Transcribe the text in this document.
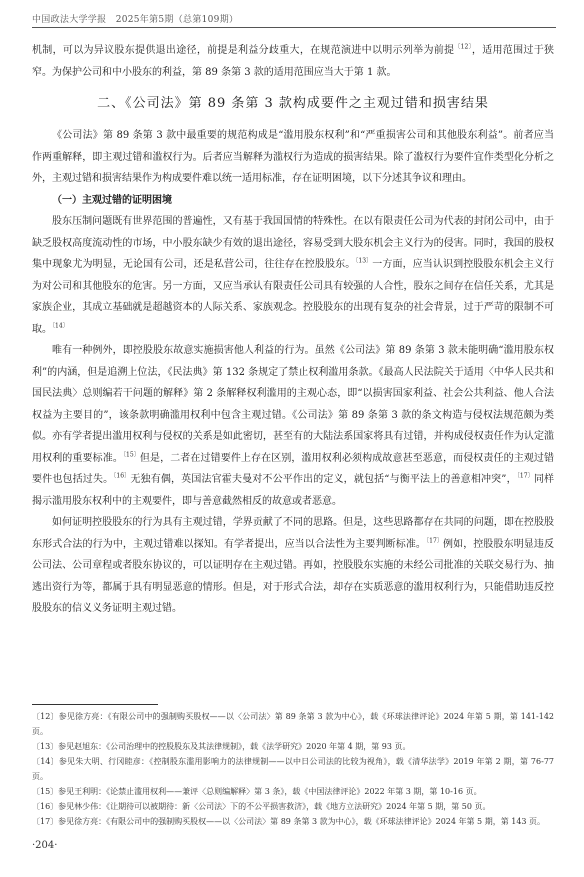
中国政法大学学报　2025年第5期（总第109期）

机制，可以为异议股东提供退出途径，前提是利益分歧重大，在规范演进中以明示列举为前提$^{〔12〕}$，适用范围过于狭窄。为保护公司和中小股东的利益，第 89 条第 3 款的适用范围应当大于第 1 款。

二、《公司法》第 89 条第 3 款构成要件之主观过错和损害结果

《公司法》第 89 条第 3 款中最重要的规范构成是“滥用股东权利”和“严重损害公司和其他股东利益”。前者应当作两重解释，即主观过错和滥权行为。后者应当解释为滥权行为造成的损害结果。除了滥权行为要件宜作类型化分析之外，主观过错和损害结果作为构成要件难以统一适用标准，存在证明困境，以下分述其争议和理由。

（一）主观过错的证明困境

股东压制问题既有世界范围的普遍性，又有基于我国国情的特殊性。在以有限责任公司为代表的封闭公司中，由于缺乏股权高度流动性的市场，中小股东缺少有效的退出途径，容易受到大股东机会主义行为的侵害。同时，我国的股权集中现象尤为明显，无论国有公司，还是私营公司，往往存在控股股东。$^{〔13〕}$一方面，应当认识到控股股东机会主义行为对公司和其他股东的危害。另一方面，又应当承认有限责任公司具有较强的人合性，股东之间存在信任关系，尤其是家族企业，其成立基础就是超越资本的人际关系、家族观念。控股股东的出现有复杂的社会背景，过于严苛的限制不可取。$^{〔14〕}$

唯有一种例外，即控股股东故意实施损害他人利益的行为。虽然《公司法》第 89 条第 3 款未能明确“滥用股东权利”的内涵，但是追溯上位法，《民法典》第 132 条规定了禁止权利滥用条款。《最高人民法院关于适用〈中华人民共和国民法典〉总则编若干问题的解释》第 2 条解释权利滥用的主观心态，即“以损害国家利益、社会公共利益、他人合法权益为主要目的”，该条款明确滥用权利中包含主观过错。《公司法》第 89 条第 3 款的条文构造与侵权法规范颇为类似。亦有学者提出滥用权利与侵权的关系是如此密切，甚至有的大陆法系国家将具有过错，并构成侵权责任作为认定滥用权利的重要标准。$^{〔15〕}$但是，二者在过错要件上存在区别，滥用权利必须构成故意甚至恶意，而侵权责任的主观过错要件也包括过失。$^{〔16〕}$无独有偶，英国法官霍夫曼对不公平作出的定义，就包括“与衡平法上的善意相冲突”，$^{〔17〕}$同样揭示滥用股东权利中的主观要件，即与善意截然相反的故意或者恶意。

如何证明控股股东的行为具有主观过错，学界贡献了不同的思路。但是，这些思路都存在共同的问题，即在控股股东形式合法的行为中，主观过错难以探知。有学者提出，应当以合法性为主要判断标准。$^{〔17〕}$例如，控股股东明显违反公司法、公司章程或者股东协议的，可以证明存在主观过错。再如，控股股东实施的未经公司批准的关联交易行为、抽逃出资行为等，都属于具有明显恶意的情形。但是，对于形式合法，却存在实质恶意的滥用权利行为，只能借助违反控股股东的信义义务证明主观过错。

〔12〕参见徐方亮：《有限公司中的强制购买股权——以〈公司法〉第 89 条第 3 款为中心》，载《环球法律评论》2024 年第 5 期，第 141-142 页。

〔13〕参见赵旭东：《公司治理中的控股股东及其法律规制》，载《法学研究》2020 年第 4 期，第 93 页。

〔14〕参见朱大明、行冈睦彦：《控制股东滥用影响力的法律规制——以中日公司法的比较为视角》，载《清华法学》2019 年第 2 期，第 76-77 页。

〔15〕参见王利明：《论禁止滥用权利——兼评〈总则编解释〉第 3 条》，载《中国法律评论》2022 年第 3 期，第 10-16 页。

〔16〕参见林少伟：《让期待可以被期待：新〈公司法〉下的不公平损害救济》，载《地方立法研究》2024 年第 5 期，第 50 页。

〔17〕参见徐方亮：《有限公司中的强制购买股权——以〈公司法〉第 89 条第 3 款为中心》，载《环球法律评论》2024 年第 5 期，第 143 页。

·204·
